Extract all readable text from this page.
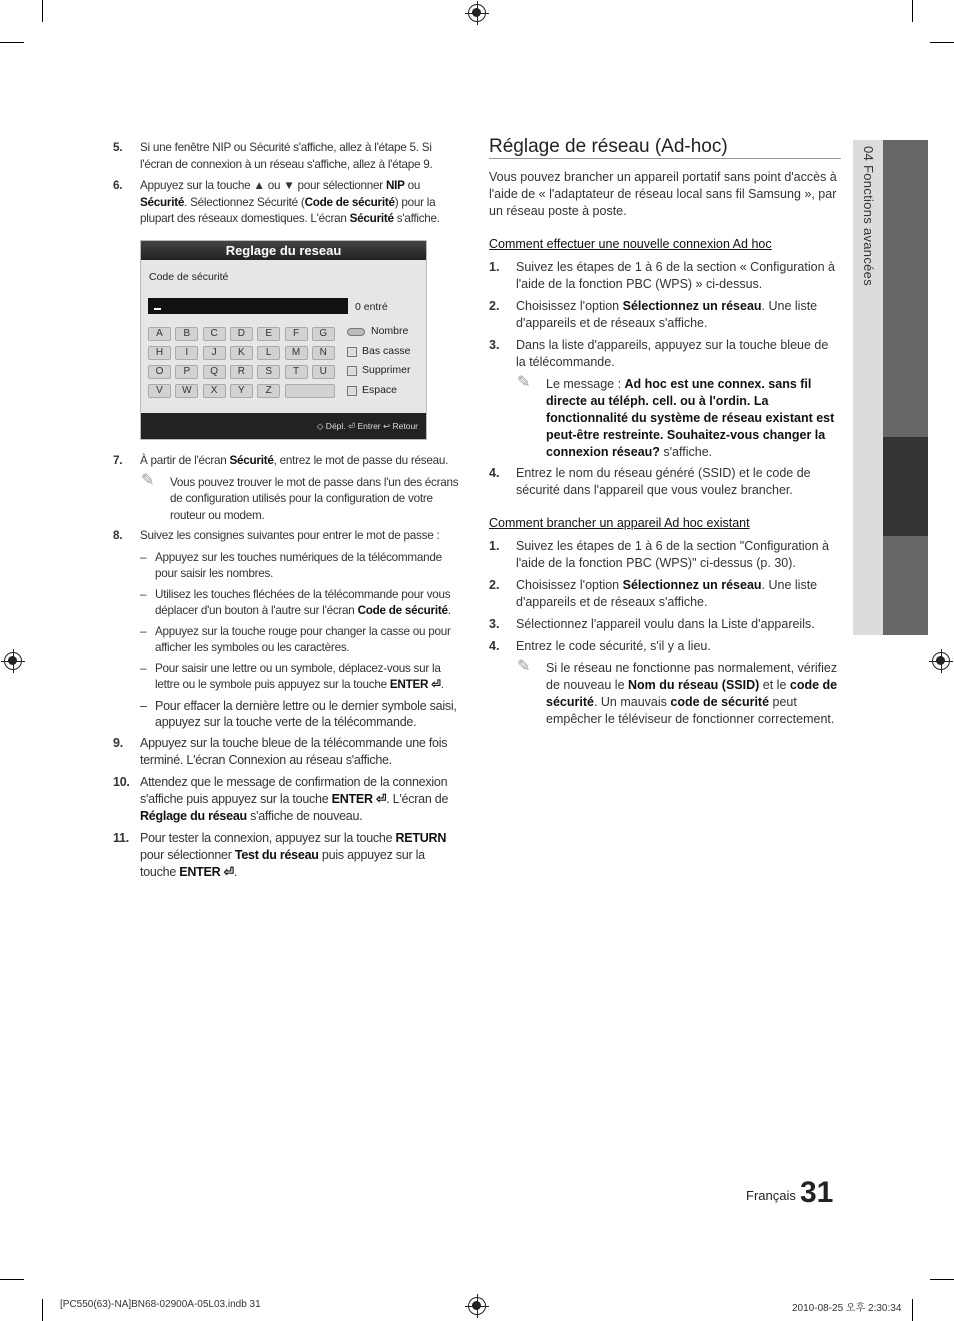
5. Si une fenêtre NIP ou Sécurité s'affiche, allez à l'étape 5. Si l'écran de connexion à un réseau s'affiche, allez à l'étape 9.
6. Appuyez sur la touche ▲ ou ▼ pour sélectionner NIP ou Sécurité. Sélectionnez Sécurité (Code de sécurité) pour la plupart des réseaux domestiques. L'écran Sécurité s'affiche.
Reglage du reseau
Code de sécurité
0 entré
A	B	C	D	E	F	G
H	I	J	K	L	M	N
O	P	Q	R	S	T	U
V	W	X	Y	Z
Nombre
Bas casse
Supprimer
Espace
◇ Dépl. ⏎ Entrer ↩ Retour
7. À partir de l'écran Sécurité, entrez le mot de passe du réseau.
✎ Vous pouvez trouver le mot de passe dans l'un des écrans de configuration utilisés pour la configuration de votre routeur ou modem.
8. Suivez les consignes suivantes pour entrer le mot de passe :
– Appuyez sur les touches numériques de la télécommande pour saisir les nombres.
– Utilisez les touches fléchées de la télécommande pour vous déplacer d'un bouton à l'autre sur l'écran Code de sécurité.
– Appuyez sur la touche rouge pour changer la casse ou pour afficher les symboles ou les caractères.
– Pour saisir une lettre ou un symbole, déplacez-vous sur la lettre ou le symbole puis appuyez sur la touche ENTER ⏎.
– Pour effacer la dernière lettre ou le dernier symbole saisi, appuyez sur la touche verte de la télécommande.
9. Appuyez sur la touche bleue de la télécommande une fois terminé. L'écran Connexion au réseau s'affiche.
10. Attendez que le message de confirmation de la connexion s'affiche puis appuyez sur la touche ENTER ⏎. L'écran de Réglage du réseau s'affiche de nouveau.
11. Pour tester la connexion, appuyez sur la touche RETURN pour sélectionner Test du réseau puis appuyez sur la touche ENTER ⏎.
Réglage de réseau (Ad-hoc)
Vous pouvez brancher un appareil portatif sans point d'accès à l'aide de « l'adaptateur de réseau local sans fil Samsung », par un réseau poste à poste.
Comment effectuer une nouvelle connexion Ad hoc
1. Suivez les étapes de 1 à 6 de la section « Configuration à l'aide de la fonction PBC (WPS) » ci-dessus.
2. Choisissez l'option Sélectionnez un réseau. Une liste d'appareils et de réseaux s'affiche.
3. Dans la liste d'appareils, appuyez sur la touche bleue de la télécommande.
✎ Le message : Ad hoc est une connex. sans fil directe au téléph. cell. ou à l'ordin. La fonctionnalité du système de réseau existant est peut-être restreinte. Souhaitez-vous changer la connexion réseau? s'affiche.
4. Entrez le nom du réseau généré (SSID) et le code de sécurité dans l'appareil que vous voulez brancher.
Comment brancher un appareil Ad hoc existant
1. Suivez les étapes de 1 à 6 de la section "Configuration à l'aide de la fonction PBC (WPS)" ci-dessus (p. 30).
2. Choisissez l'option Sélectionnez un réseau. Une liste d'appareils et de réseaux s'affiche.
3. Sélectionnez l'appareil voulu dans la Liste d'appareils.
4. Entrez le code sécurité, s'il y a lieu.
✎ Si le réseau ne fonctionne pas normalement, vérifiez de nouveau le Nom du réseau (SSID) et le code de sécurité. Un mauvais code de sécurité peut empêcher le téléviseur de fonctionner correctement.
04 Fonctions avancées
Français 31
[PC550(63)-NA]BN68-02900A-05L03.indb 31	2010-08-25 오후 2:30:34
